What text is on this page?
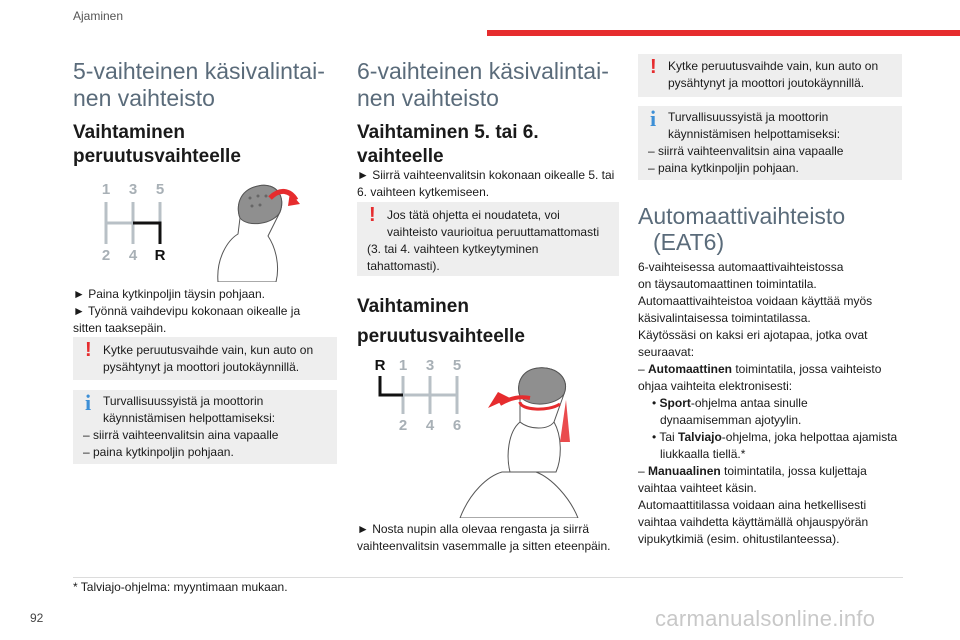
Ajaminen
5-vaihteinen käsivalintai-
nen vaihteisto
Vaihtaminen
peruutusvaihteelle
1 3 5
2 4 R
► Paina kytkinpoljin täysin pohjaan.
► Työnnä vaihdevipu kokonaan oikealle ja
sitten taaksepäin.
! Kytke peruutusvaihde vain, kun auto on
pysähtynyt ja moottori joutokäynnillä.
i Turvallisuussyistä ja moottorin
käynnistämisen helpottamiseksi:
– siirrä vaihteenvalitsin aina vapaalle
– paina kytkinpoljin pohjaan.
6-vaihteinen käsivalintai-
nen vaihteisto
Vaihtaminen 5. tai 6.
vaihteelle
► Siirrä vaihteenvalitsin kokonaan oikealle 5. tai
6. vaihteen kytkemiseen.
! Jos tätä ohjetta ei noudateta, voi
vaihteisto vaurioitua peruuttamattomasti
(3. tai 4. vaihteen kytkeytyminen
tahattomasti).
Vaihtaminen
peruutusvaihteelle
R 1 3 5
2 4 6
► Nosta nupin alla olevaa rengasta ja siirrä
vaihteenvalitsin vasemmalle ja sitten eteenpäin.
! Kytke peruutusvaihde vain, kun auto on
pysähtynyt ja moottori joutokäynnillä.
i Turvallisuussyistä ja moottorin
käynnistämisen helpottamiseksi:
– siirrä vaihteenvalitsin aina vapaalle
– paina kytkinpoljin pohjaan.
Automaattivaihteisto
(EAT6)
6-vaihteisessa automaattivaihteistossa
on täysautomaattinen toimintatila.
Automaattivaihteistoa voidaan käyttää myös
käsivalintaisessa toimintatilassa.
Käytössäsi on kaksi eri ajotapaa, jotka ovat
seuraavat:
– Automaattinen toimintatila, jossa vaihteisto
ohjaa vaihteita elektronisesti:
• Sport-ohjelma antaa sinulle
dynaamisemman ajotyylin.
• Tai Talviajo-ohjelma, joka helpottaa ajamista
liukkaalla tiellä.*
– Manuaalinen toimintatila, jossa kuljettaja
vaihtaa vaihteet käsin.
Automaattitilassa voidaan aina hetkellisesti
vaihtaa vaihdetta käyttämällä ohjauspyörän
vipukytkimiä (esim. ohitustilanteessa).
* Talviajo-ohjelma: myyntimaan mukaan.
92	carmanualsonline.info
